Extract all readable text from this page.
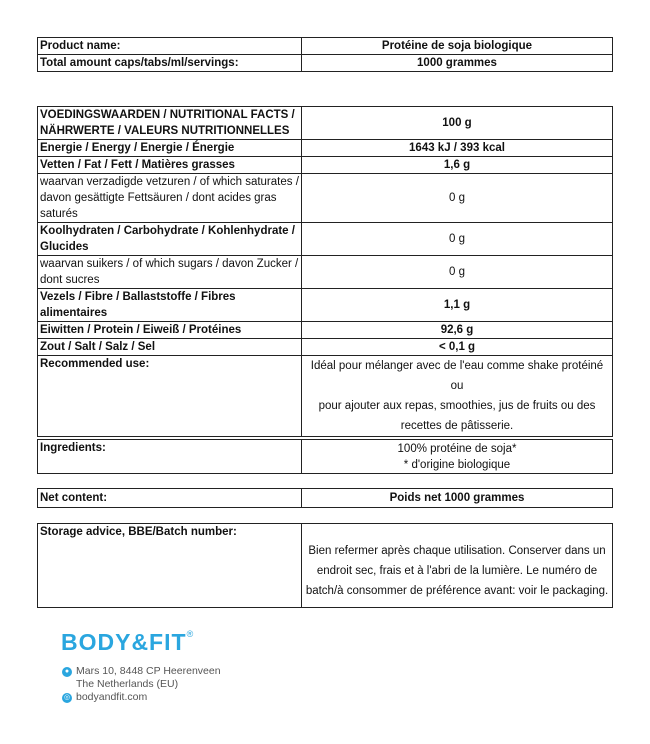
Product name:	Protéine de soja biologique
Total amount caps/tabs/ml/servings:	1000 grammes
VOEDINGSWAARDEN / NUTRITIONAL FACTS /
NÄHRWERTE / VALEURS NUTRITIONNELLES	100 g
Energie / Energy / Energie / Énergie	1643 kJ / 393 kcal
Vetten / Fat / Fett / Matières grasses	1,6 g

waarvan verzadigde vetzuren / of which saturates /
davon gesättigte Fettsäuren / dont acides gras
saturés	0 g

Koolhydraten / Carbohydrate / Kohlenhydrate /
Glucides	0 g

waarvan suikers / of which sugars / davon Zucker /
dont sucres	0 g
Vezels / Fibre / Ballaststoffe / Fibres alimentaires	1,1 g
Eiwitten / Protein / Eiweiß / Protéines	92,6 g
Zout / Salt / Salz / Sel	< 0,1 g
Recommended use:	Idéal pour mélanger avec de l'eau comme shake protéiné ou
pour ajouter aux repas, smoothies, jus de fruits ou des
recettes de pâtisserie.
Ingredients:	100% protéine de soja*
* d'origine biologique
Net content:	Poids net 1000 grammes
Storage advice, BBE/Batch number:	
Bien refermer après chaque utilisation. Conserver dans un
endroit sec, frais et à l'abri de la lumière. Le numéro de
batch/à consommer de préférence avant: voir le packaging.
BODY&FIT®
● Mars 10, 8448 CP Heerenveen
The Netherlands (EU)
◎ bodyandfit.com
